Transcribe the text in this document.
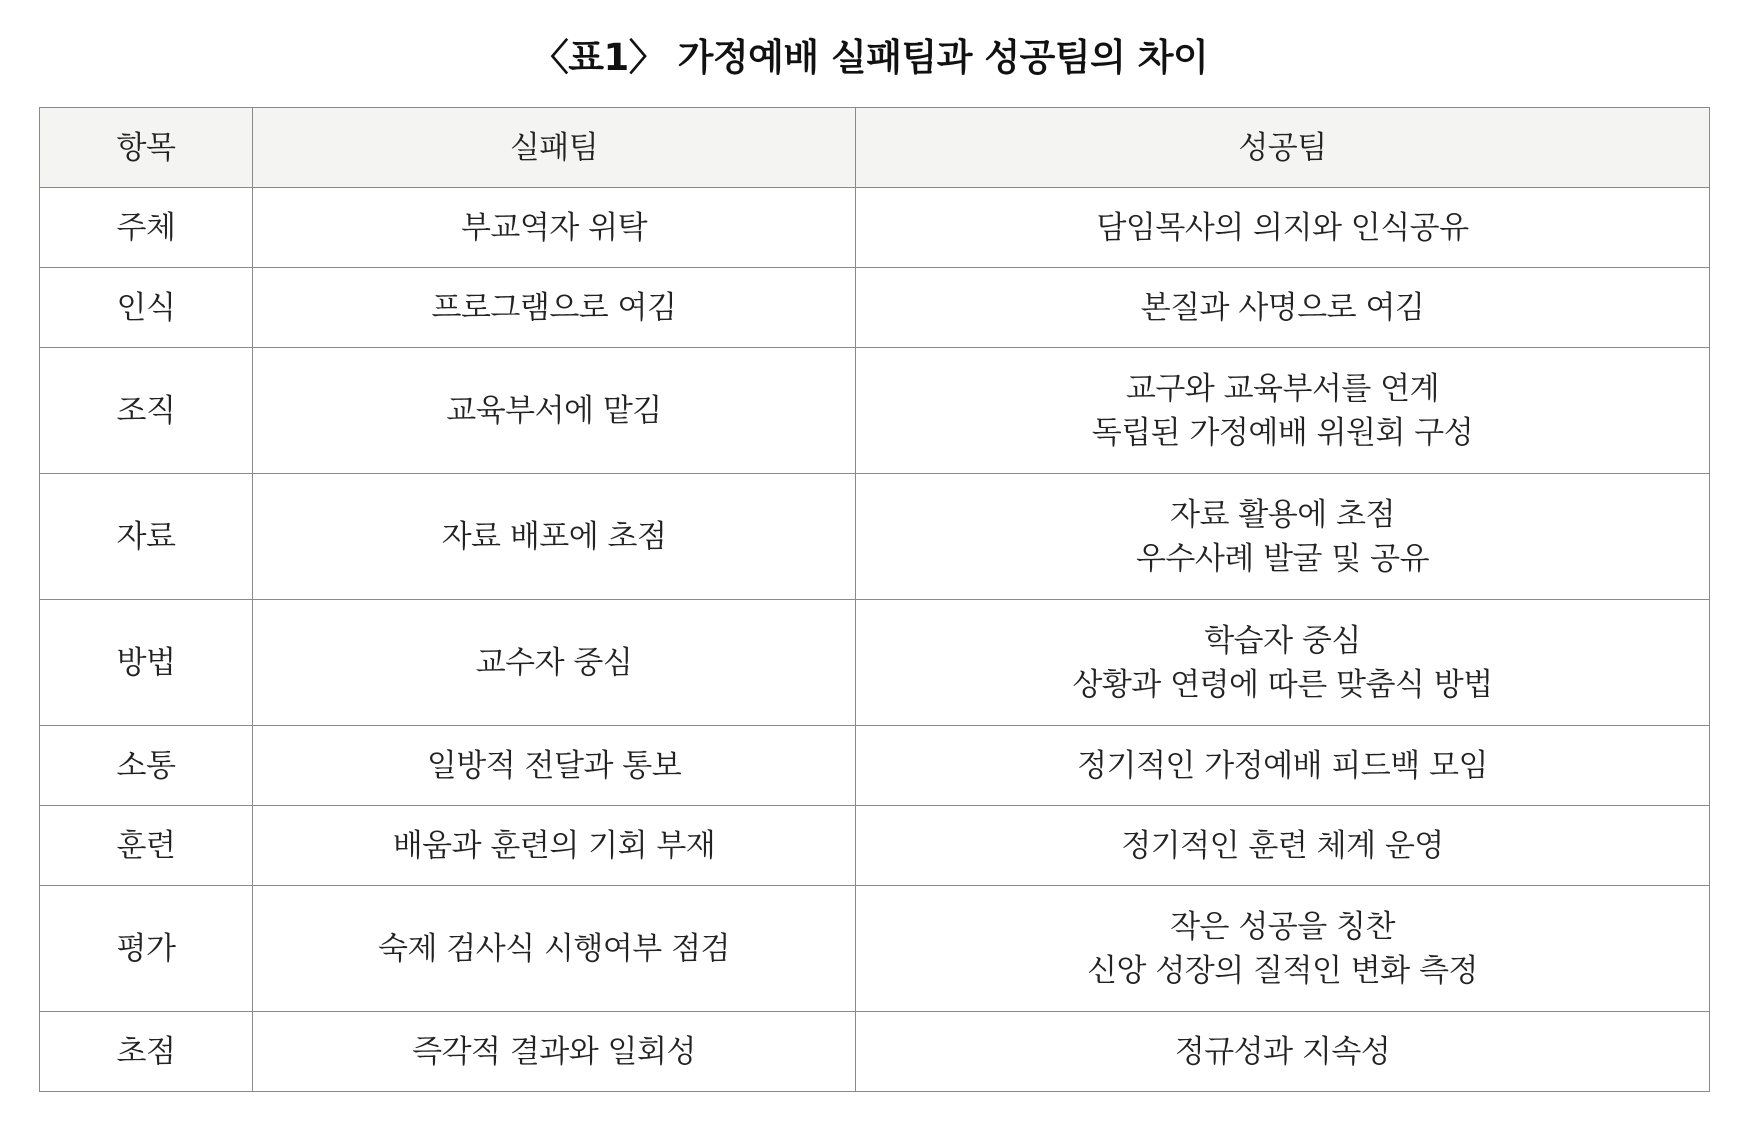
〈표1〉 가정예배 실패팀과 성공팀의 차이
항목	실패팀	성공팀
주체	부교역자 위탁	담임목사의 의지와 인식공유

인식	프로그램으로 여김	본질과 사명으로 여김

조직	교육부서에 맡김	교구와 교육부서를 연계
독립된 가정예배 위원회 구성

자료	자료 배포에 초점	자료 활용에 초점
우수사례 발굴 및 공유

방법	교수자 중심	학습자 중심
상황과 연령에 따른 맞춤식 방법

소통	일방적 전달과 통보	정기적인 가정예배 피드백 모임

훈련	배움과 훈련의 기회 부재	정기적인 훈련 체계 운영

평가	숙제 검사식 시행여부 점검	작은 성공을 칭찬
신앙 성장의 질적인 변화 측정

초점	즉각적 결과와 일회성	정규성과 지속성
